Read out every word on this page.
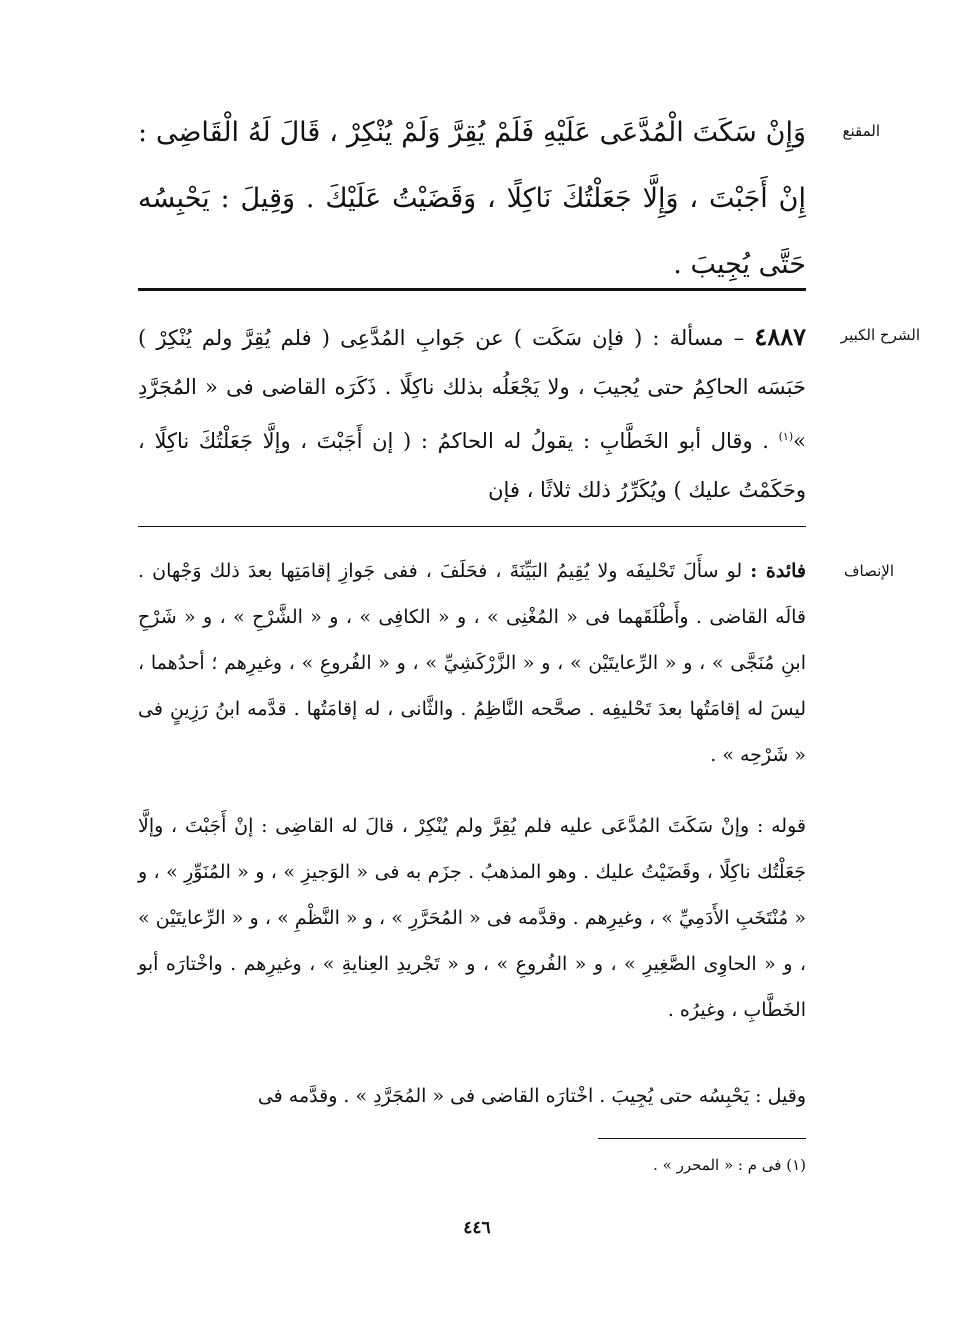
المقنع
وَإِنْ سَكَتَ الْمُدَّعَى عَلَيْهِ فَلَمْ يُقِرَّ وَلَمْ يُنْكِرْ ، قَالَ لَهُ الْقَاضِى : إِنْ أَجَبْتَ ، وَإِلَّا جَعَلْتُكَ نَاكِلًا ، وَقَضَيْتُ عَلَيْكَ . وَقِيلَ : يَحْبِسُه حَتَّى يُجِيبَ .
الشرح الكبير
٤٨٨٧ – مسألة : ( فإن سَكَت ) عن جَوابِ المُدَّعِى ( فلم يُقِرَّ ولم يُنْكِرْ ) حَبَسَه الحاكِمُ حتى يُجيبَ ، ولا يَجْعَلُه بذلك ناكِلًا . ذَكَرَه القاضى فى « المُجَرَّدِ »$^{(١)}$ . وقال أبو الخَطَّابِ : يقولُ له الحاكمُ : ( إن أَجَبْتَ ، وإلَّا جَعَلْتُكَ ناكِلًا ، وحَكَمْتُ عليك ) ويُكَرِّرُ ذلك ثلاثًا ، فإن
الإنصاف
فائدة : لو سأَلَ تَحْليفَه ولا يُقِيمُ البَيِّنَةَ ، فحَلَفَ ، ففى جَوازِ إقامَتِها بعدَ ذلك وَجْهان . قالَه القاضى . وأَطْلَقَهما فى « المُغْنِى » ، و « الكافِى » ، و « الشَّرْحِ » ، و « شَرْحِ ابنِ مُنَجَّى » ، و « الرِّعايتَيْن » ، و « الزَّرْكَشِيِّ » ، و « الفُروعِ » ، وغيرِهم ؛ أحدُهما ، ليسَ له إقامَتُها بعدَ تَحْليفِه . صحَّحه النَّاظِمُ . والثَّانى ، له إقامَتُها . قدَّمه ابنُ رَزِينٍ فى « شَرْحِه » .
قوله : وإنْ سَكَتَ المُدَّعَى عليه فلم يُقِرَّ ولم يُنْكِرْ ، قالَ له القاضِى : إنْ أَجَبْتَ ، وإلَّا جَعَلْتُك ناكِلًا ، وقَضَيْتُ عليك . وهو المذهبُ . جزَم به فى « الوَجيزِ » ، و « المُنَوِّرِ » ، و « مُنْتَخَبِ الأَدَمِيِّ » ، وغيرِهم . وقدَّمه فى « المُحَرَّرِ » ، و « النَّظْمِ » ، و « الرِّعايتَيْن » ، و « الحاوِى الصَّغِيرِ » ، و « الفُروعِ » ، و « تَجْريدِ العِنايةِ » ، وغيرِهم . واخْتارَه أبو الخَطَّابِ ، وغيرُه .
وقيل : يَحْبِسُه حتى يُجِيبَ . اخْتارَه القاضى فى « المُجَرَّدِ » . وقدَّمه فى
(١) فى م : « المحرر » .
٤٤٦
